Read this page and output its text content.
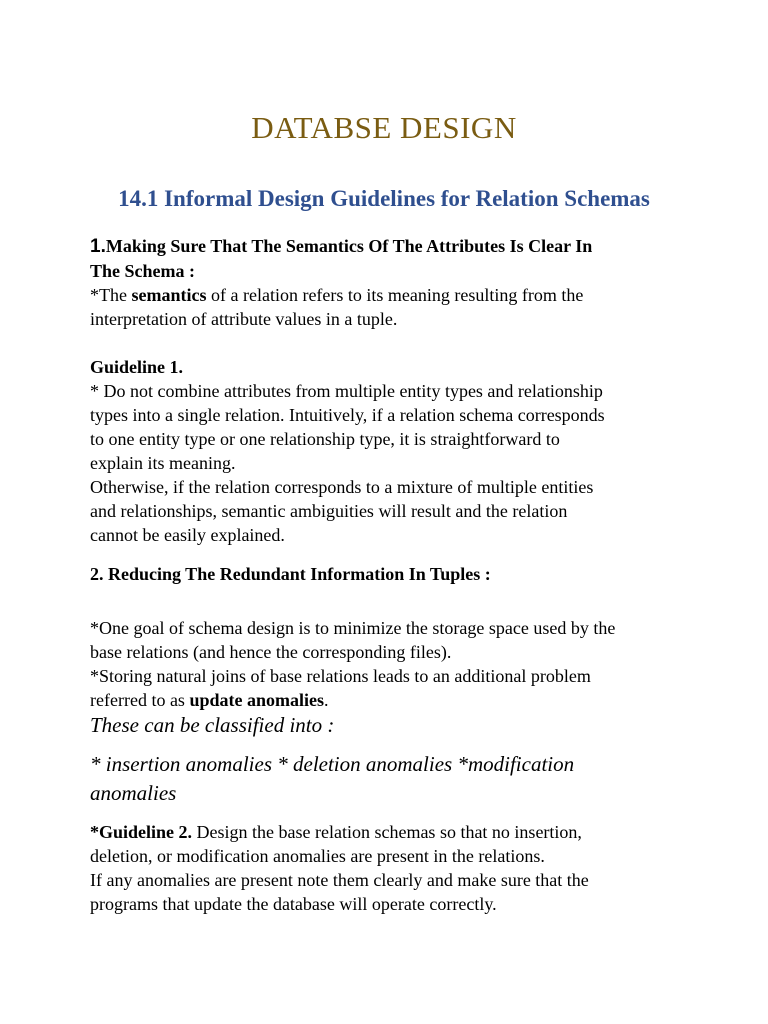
DATABSE DESIGN
14.1 Informal Design Guidelines for Relation Schemas

1.Making Sure That The Semantics Of The Attributes Is Clear In

The Schema :

*The semantics of a relation refers to its meaning resulting from the

interpretation of attribute values in a tuple.

Guideline 1.

* Do not combine attributes from multiple entity types and relationship

types into a single relation. Intuitively, if a relation schema corresponds

to one entity type or one relationship type, it is straightforward to

explain its meaning.

Otherwise, if the relation corresponds to a mixture of multiple entities

and relationships, semantic ambiguities will result and the relation

cannot be easily explained.

2. Reducing The Redundant Information In Tuples :

*One goal of schema design is to minimize the storage space used by the

base relations (and hence the corresponding files).

*Storing natural joins of base relations leads to an additional problem

referred to as update anomalies.

These can be classified into :

* insertion anomalies * deletion anomalies *modification

anomalies

*Guideline 2. Design the base relation schemas so that no insertion,

deletion, or modification anomalies are present in the relations.

If any anomalies are present note them clearly and make sure that the

programs that update the database will operate correctly.
